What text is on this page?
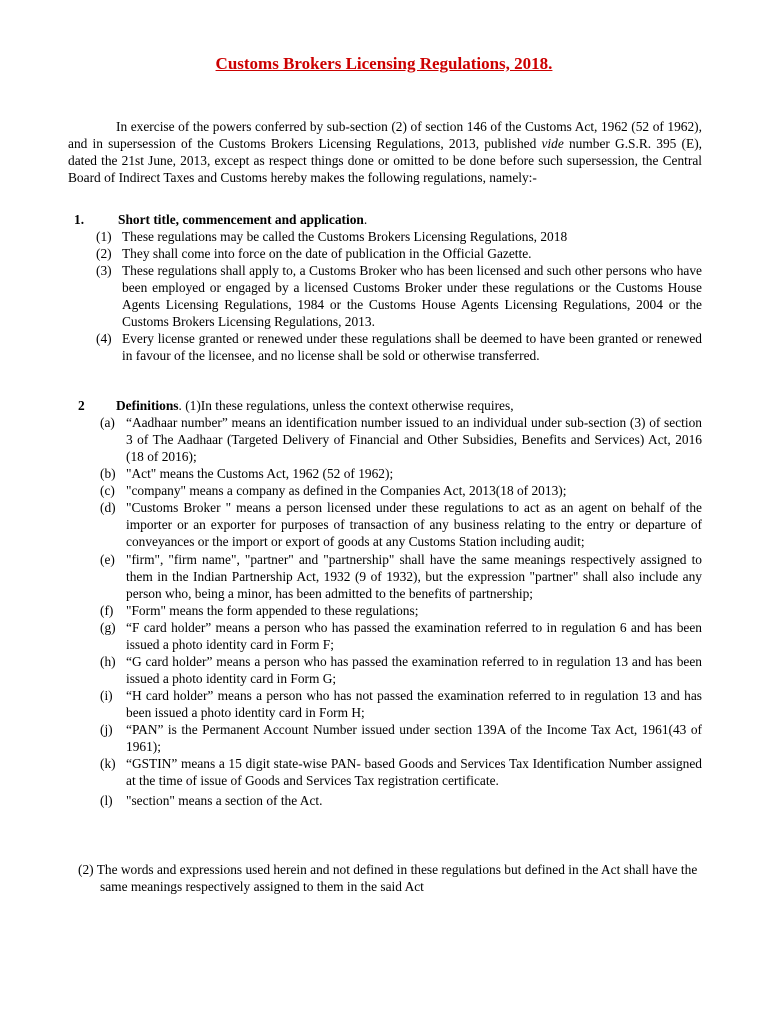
Customs Brokers Licensing Regulations, 2018.

In exercise of the powers conferred by sub-section (2) of section 146 of the Customs Act, 1962 (52 of 1962), and in supersession of the Customs Brokers Licensing Regulations, 2013, published vide number G.S.R. 395 (E), dated the 21st June, 2013, except as respect things done or omitted to be done before such supersession, the Central Board of Indirect Taxes and Customs hereby makes the following regulations, namely:-

1.	Short title, commencement and application.
(1) These regulations may be called the Customs Brokers Licensing Regulations, 2018
(2) They shall come into force on the date of publication in the Official Gazette.
(3) These regulations shall apply to, a Customs Broker who has been licensed and such other persons who have been employed or engaged by a licensed Customs Broker under these regulations or the Customs House Agents Licensing Regulations, 1984 or the Customs House Agents Licensing Regulations, 2004 or the Customs Brokers Licensing Regulations, 2013.
(4) Every license granted or renewed under these regulations shall be deemed to have been granted or renewed in favour of the licensee, and no license shall be sold or otherwise transferred.
2 Definitions. (1)In these regulations, unless the context otherwise requires,
(a) “Aadhaar number” means an identification number issued to an individual under sub-section (3) of section 3 of The Aadhaar (Targeted Delivery of Financial and Other Subsidies, Benefits and Services) Act, 2016 (18 of 2016);
(b) "Act" means the Customs Act, 1962 (52 of 1962);
(c) "company" means a company as defined in the Companies Act, 2013(18 of 2013);
(d) "Customs Broker " means a person licensed under these regulations to act as an agent on behalf of the importer or an exporter for purposes of transaction of any business relating to the entry or departure of conveyances or the import or export of goods at any Customs Station including audit;
(e) "firm", "firm name", "partner" and "partnership" shall have the same meanings respectively assigned to them in the Indian Partnership Act, 1932 (9 of 1932), but the expression "partner" shall also include any person who, being a minor, has been admitted to the benefits of partnership;
(f) "Form" means the form appended to these regulations;
(g) “F card holder” means a person who has passed the examination referred to in regulation 6 and has been issued a photo identity card in Form F;
(h) “G card holder” means a person who has passed the examination referred to in regulation 13 and has been issued a photo identity card in Form G;
(i) “H card holder” means a person who has not passed the examination referred to in regulation 13 and has been issued a photo identity card in Form H;
(j) “PAN” is the Permanent Account Number issued under section 139A of the Income Tax Act, 1961(43 of 1961);
(k) “GSTIN” means a 15 digit state-wise PAN- based Goods and Services Tax Identification Number assigned at the time of issue of Goods and Services Tax registration certificate.
(l) "section" means a section of the Act.

(2) The words and expressions used herein and not defined in these regulations but defined in the Act shall have the same meanings respectively assigned to them in the said Act
